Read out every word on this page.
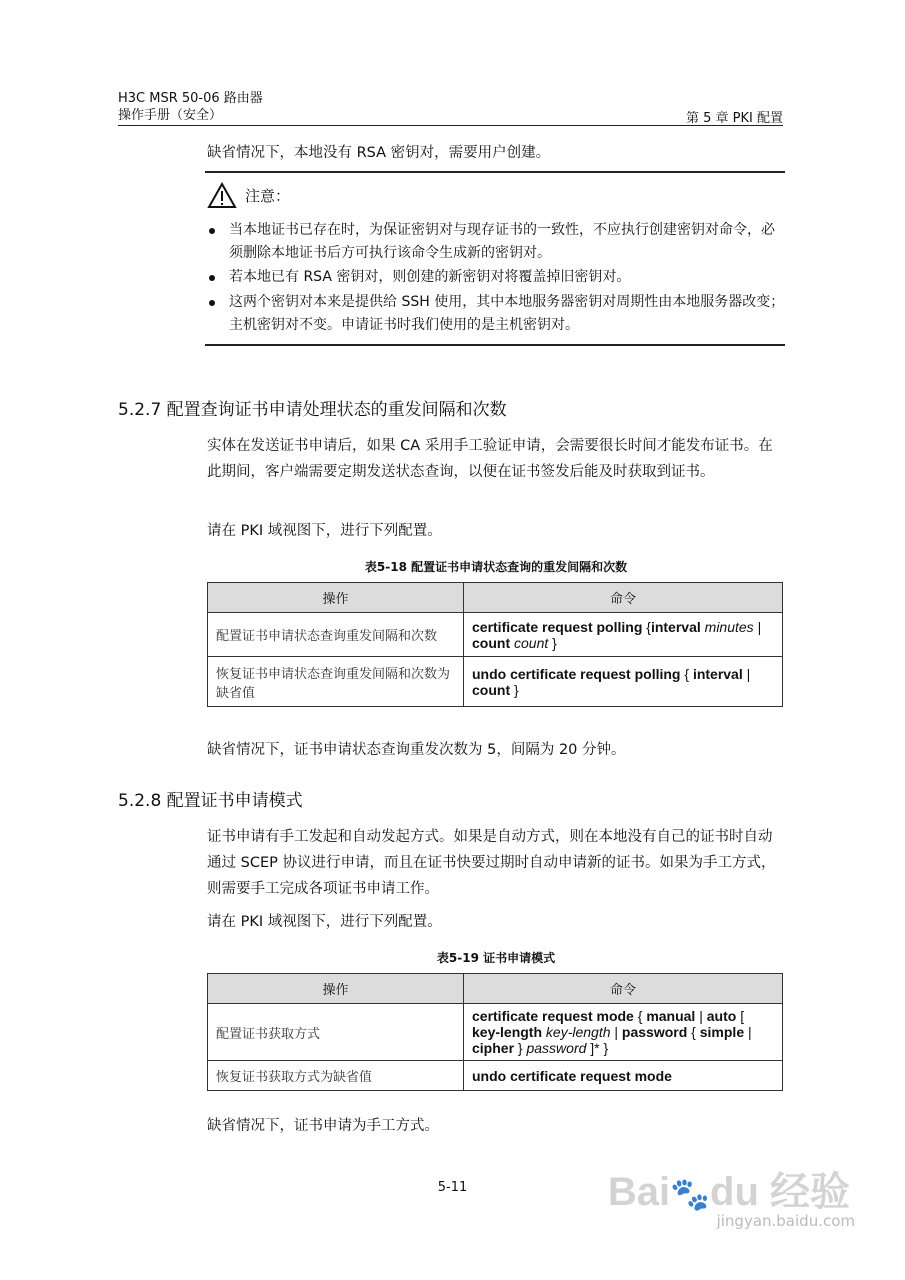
H3C MSR 50-06 路由器
操作手册（安全）	第 5 章 PKI 配置
缺省情况下，本地没有 RSA 密钥对，需要用户创建。
注意：
当本地证书已存在时，为保证密钥对与现存证书的一致性，不应执行创建密钥对命令，必须删除本地证书后方可执行该命令生成新的密钥对。
若本地已有 RSA 密钥对，则创建的新密钥对将覆盖掉旧密钥对。
这两个密钥对本来是提供给 SSH 使用，其中本地服务器密钥对周期性由本地服务器改变；主机密钥对不变。申请证书时我们使用的是主机密钥对。
5.2.7 配置查询证书申请处理状态的重发间隔和次数
实体在发送证书申请后，如果 CA 采用手工验证申请，会需要很长时间才能发布证书。在此期间，客户端需要定期发送状态查询，以便在证书签发后能及时获取到证书。
请在 PKI 域视图下，进行下列配置。
表5-18 配置证书申请状态查询的重发间隔和次数
操作	命令
配置证书申请状态查询重发间隔和次数	certificate request polling {interval minutes | count count }
恢复证书申请状态查询重发间隔和次数为缺省值	undo certificate request polling { interval | count }
缺省情况下，证书申请状态查询重发次数为 5，间隔为 20 分钟。
5.2.8 配置证书申请模式
证书申请有手工发起和自动发起方式。如果是自动方式，则在本地没有自己的证书时自动通过 SCEP 协议进行申请，而且在证书快要过期时自动申请新的证书。如果为手工方式，则需要手工完成各项证书申请工作。
请在 PKI 域视图下，进行下列配置。
表5-19 证书申请模式
操作	命令
配置证书获取方式	certificate request mode { manual | auto [ key-length key-length | password { simple | cipher } password ]* }
恢复证书获取方式为缺省值	undo certificate request mode
缺省情况下，证书申请为手工方式。
5-11	Bai🐾du 经验
jingyan.baidu.com
